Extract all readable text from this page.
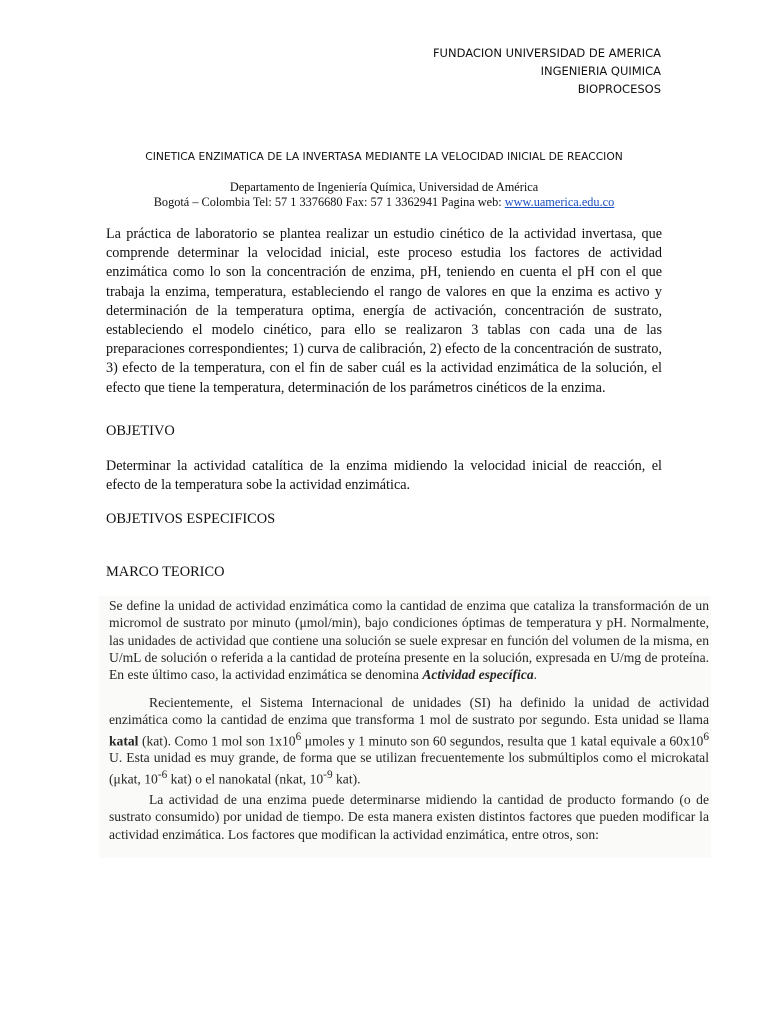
FUNDACION UNIVERSIDAD DE AMERICA
INGENIERIA QUIMICA
BIOPROCESOS
CINETICA ENZIMATICA DE LA INVERTASA MEDIANTE LA VELOCIDAD INICIAL DE REACCION
Departamento de Ingeniería Química, Universidad de América
Bogotá – Colombia Tel: 57 1 3376680 Fax: 57 1 3362941 Pagina web: www.uamerica.edu.co
La práctica de laboratorio se plantea realizar un estudio cinético de la actividad invertasa, que comprende determinar la velocidad inicial, este proceso estudia los factores de actividad enzimática como lo son la concentración de enzima, pH, teniendo en cuenta el pH con el que trabaja la enzima, temperatura, estableciendo el rango de valores en que la enzima es activo y determinación de la temperatura optima, energía de activación, concentración de sustrato, estableciendo el modelo cinético, para ello se realizaron 3 tablas con cada una de las preparaciones correspondientes; 1) curva de calibración, 2) efecto de la concentración de sustrato, 3) efecto de la temperatura, con el fin de saber cuál es la actividad enzimática de la solución, el efecto que tiene la temperatura, determinación de los parámetros cinéticos de la enzima.
OBJETIVO
Determinar la actividad catalítica de la enzima midiendo la velocidad inicial de reacción, el efecto de la temperatura sobe la actividad enzimática.
OBJETIVOS ESPECIFICOS
MARCO TEORICO

Se define la unidad de actividad enzimática como la cantidad de enzima que cataliza la transformación de un micromol de sustrato por minuto (μmol/min), bajo condiciones óptimas de temperatura y pH. Normalmente, las unidades de actividad que contiene una solución se suele expresar en función del volumen de la misma, en U/mL de solución o referida a la cantidad de proteína presente en la solución, expresada en U/mg de proteína. En este último caso, la actividad enzimática se denomina Actividad específica.

Recientemente, el Sistema Internacional de unidades (SI) ha definido la unidad de actividad enzimática como la cantidad de enzima que transforma 1 mol de sustrato por segundo. Esta unidad se llama katal (kat). Como 1 mol son $1x10^6$ μmoles y 1 minuto son 60 segundos, resulta que 1 katal equivale a $60x10^6$ U. Esta unidad es muy grande, de forma que se utilizan frecuentemente los submúltiplos como el microkatal (μkat, $10^{-6}$ kat) o el nanokatal (nkat, $10^{-9}$ kat).

La actividad de una enzima puede determinarse midiendo la cantidad de producto formando (o de sustrato consumido) por unidad de tiempo. De esta manera existen distintos factores que pueden modificar la actividad enzimática. Los factores que modifican la actividad enzimática, entre otros, son:
